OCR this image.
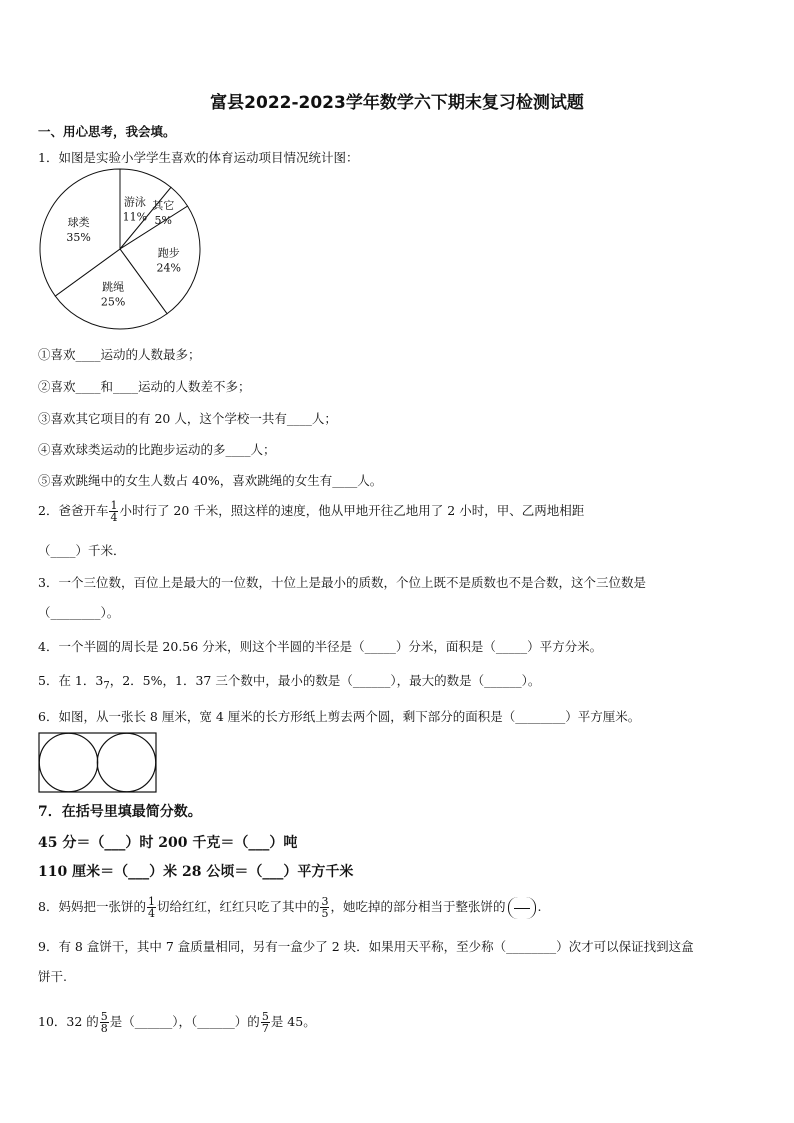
富县2022-2023学年数学六下期末复习检测试题
一、用心思考，我会填。
1．如图是实验小学学生喜欢的体育运动项目情况统计图：
游泳
11%
其它
5%
跑步
24%
跳绳
25%
球类
35%
①喜欢____运动的人数最多；
②喜欢____和____运动的人数差不多；
③喜欢其它项目的有 20 人，这个学校一共有____人；
④喜欢球类运动的比跑步运动的多____人；
⑤喜欢跳绳中的女生人数占 40%，喜欢跳绳的女生有____人。
2．爸爸开车 $\frac{1}{4}$ 小时行了 20 千米，照这样的速度，他从甲地开往乙地用了 2 小时，甲、乙两地相距
（____）千米．
3．一个三位数，百位上是最大的一位数，十位上是最小的质数，个位上既不是质数也不是合数，这个三位数是
（________）。
4．一个半圆的周长是 20.56 分米，则这个半圆的半径是（_____）分米，面积是（_____）平方分米。
5．在 1．$3_7$，2．5%，1．37 三个数中，最小的数是（______），最大的数是（______）。
6．如图，从一张长 8 厘米，宽 4 厘米的长方形纸上剪去两个圆，剩下部分的面积是（________）平方厘米。
7．在括号里填最简分数。
45 分＝（___）时 200 千克＝（___）吨
110 厘米＝（___）米 28 公顷＝（___）平方千米
8．妈妈把一张饼的 $\frac{1}{4}$ 切给红红，红红只吃了其中的 $\frac{3}{5}$ ，她吃掉的部分相当于整张饼的	.
9．有 8 盒饼干，其中 7 盒质量相同，另有一盒少了 2 块．如果用天平称，至少称（________）次才可以保证找到这盒
饼干.
10．32 的 $\frac{5}{8}$ 是（______），（______）的 $\frac{5}{7}$ 是 45。
